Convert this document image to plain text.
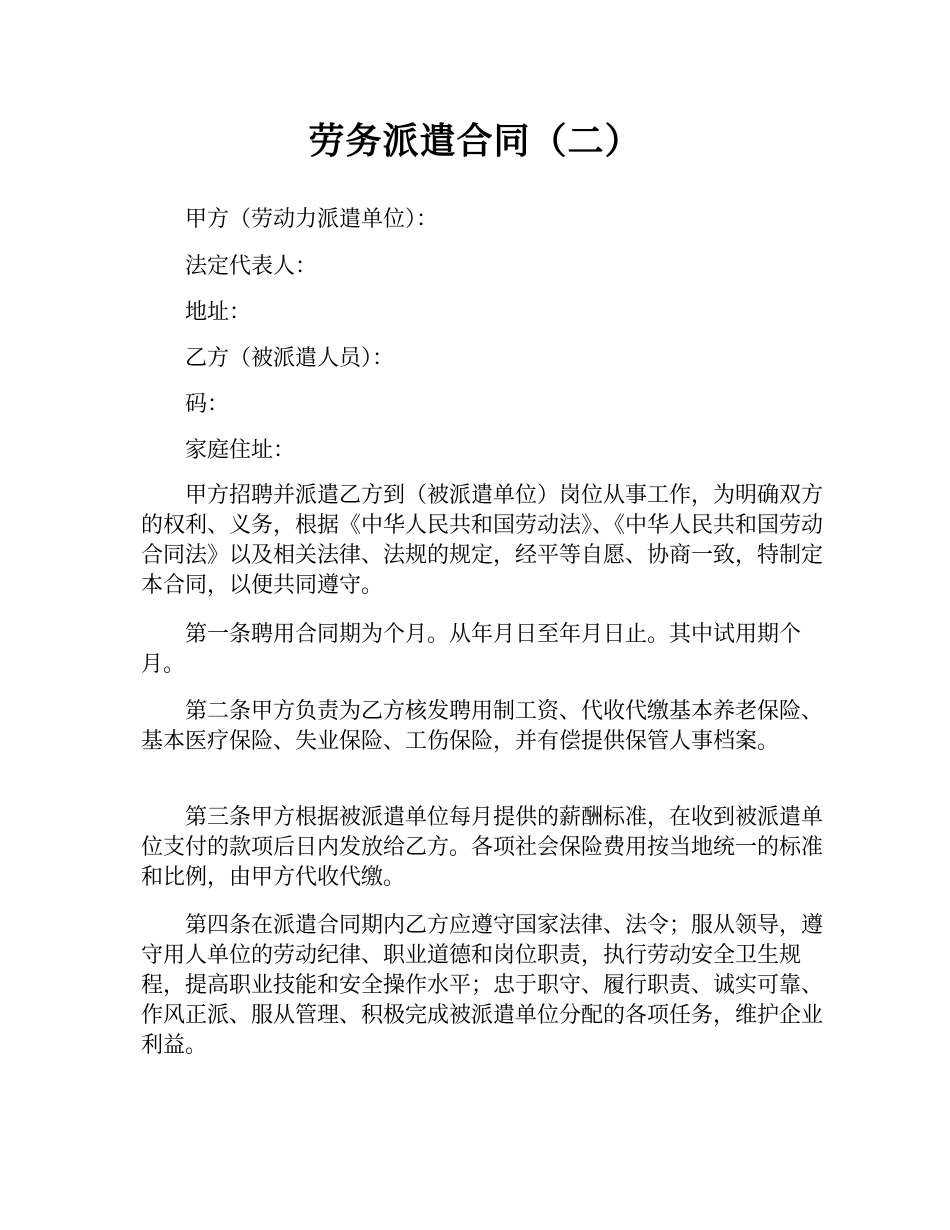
劳务派遣合同（二）
甲方（劳动力派遣单位）：
法定代表人：
地址：
乙方（被派遣人员）：
码：
家庭住址：
甲方招聘并派遣乙方到（被派遣单位）岗位从事工作，为明确双方的权利、义务，根据《中华人民共和国劳动法》、《中华人民共和国劳动合同法》以及相关法律、法规的规定，经平等自愿、协商一致，特制定本合同，以便共同遵守。
第一条聘用合同期为个月。从年月日至年月日止。其中试用期个月。
第二条甲方负责为乙方核发聘用制工资、代收代缴基本养老保险、基本医疗保险、失业保险、工伤保险，并有偿提供保管人事档案。
第三条甲方根据被派遣单位每月提供的薪酬标准，在收到被派遣单位支付的款项后日内发放给乙方。各项社会保险费用按当地统一的标准和比例，由甲方代收代缴。
第四条在派遣合同期内乙方应遵守国家法律、法令；服从领导，遵守用人单位的劳动纪律、职业道德和岗位职责，执行劳动安全卫生规程，提高职业技能和安全操作水平；忠于职守、履行职责、诚实可靠、作风正派、服从管理、积极完成被派遣单位分配的各项任务，维护企业利益。
